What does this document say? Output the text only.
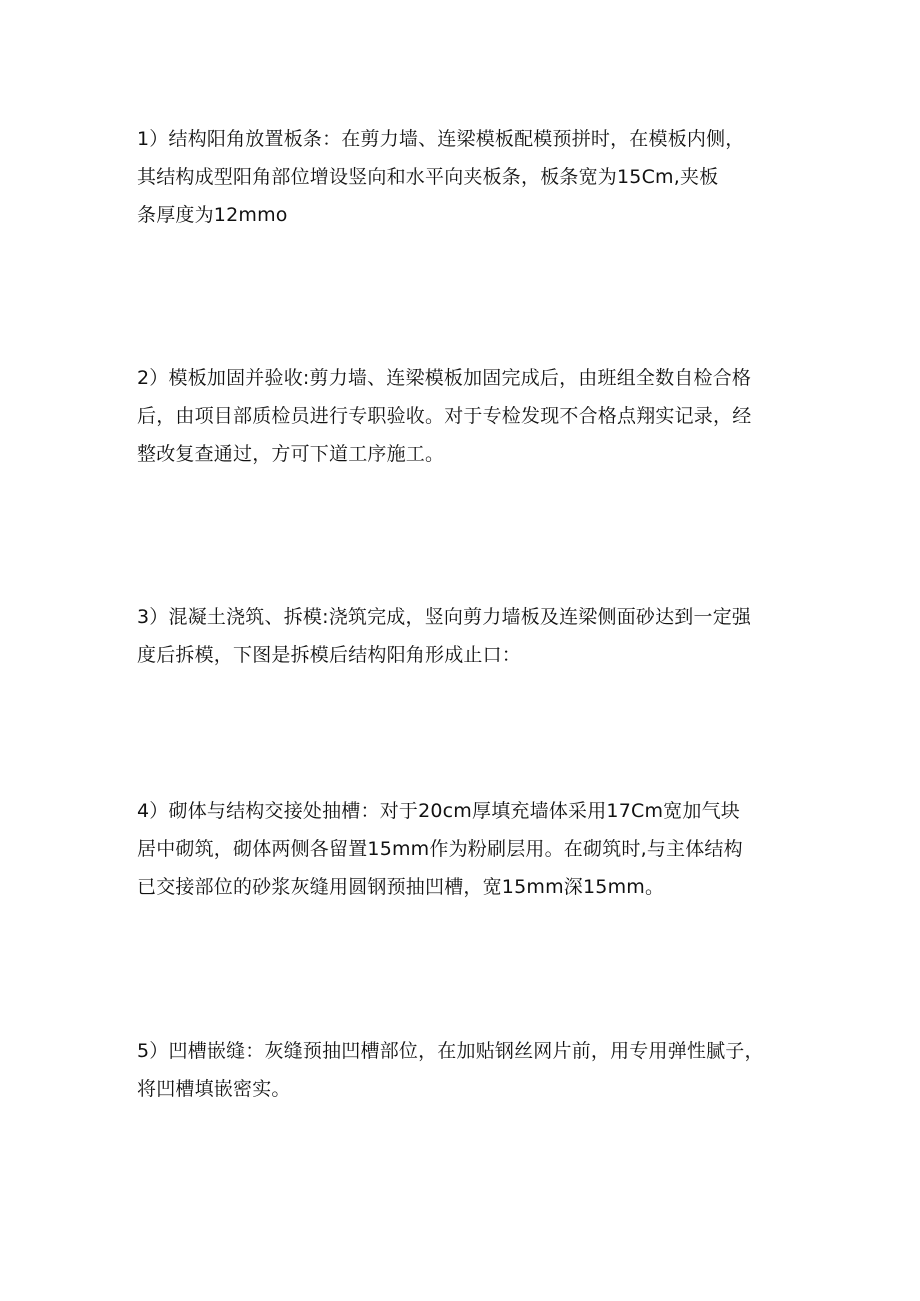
1）结构阳角放置板条：在剪力墙、连梁模板配模预拼时，在模板内侧，
其结构成型阳角部位增设竖向和水平向夹板条，板条宽为15Cm,夹板
条厚度为12mmo
2）模板加固并验收:剪力墙、连梁模板加固完成后，由班组全数自检合格
后，由项目部质检员进行专职验收。对于专检发现不合格点翔实记录，经
整改复查通过，方可下道工序施工。
3）混凝土浇筑、拆模:浇筑完成，竖向剪力墙板及连梁侧面砂达到一定强
度后拆模，下图是拆模后结构阳角形成止口：
4）砌体与结构交接处抽槽：对于20cm厚填充墙体采用17Cm宽加气块
居中砌筑，砌体两侧各留置15mm作为粉刷层用。在砌筑时,与主体结构
已交接部位的砂浆灰缝用圆钢预抽凹槽，宽15mm深15mm。
5）凹槽嵌缝：灰缝预抽凹槽部位，在加贴钢丝网片前，用专用弹性腻子，
将凹槽填嵌密实。
